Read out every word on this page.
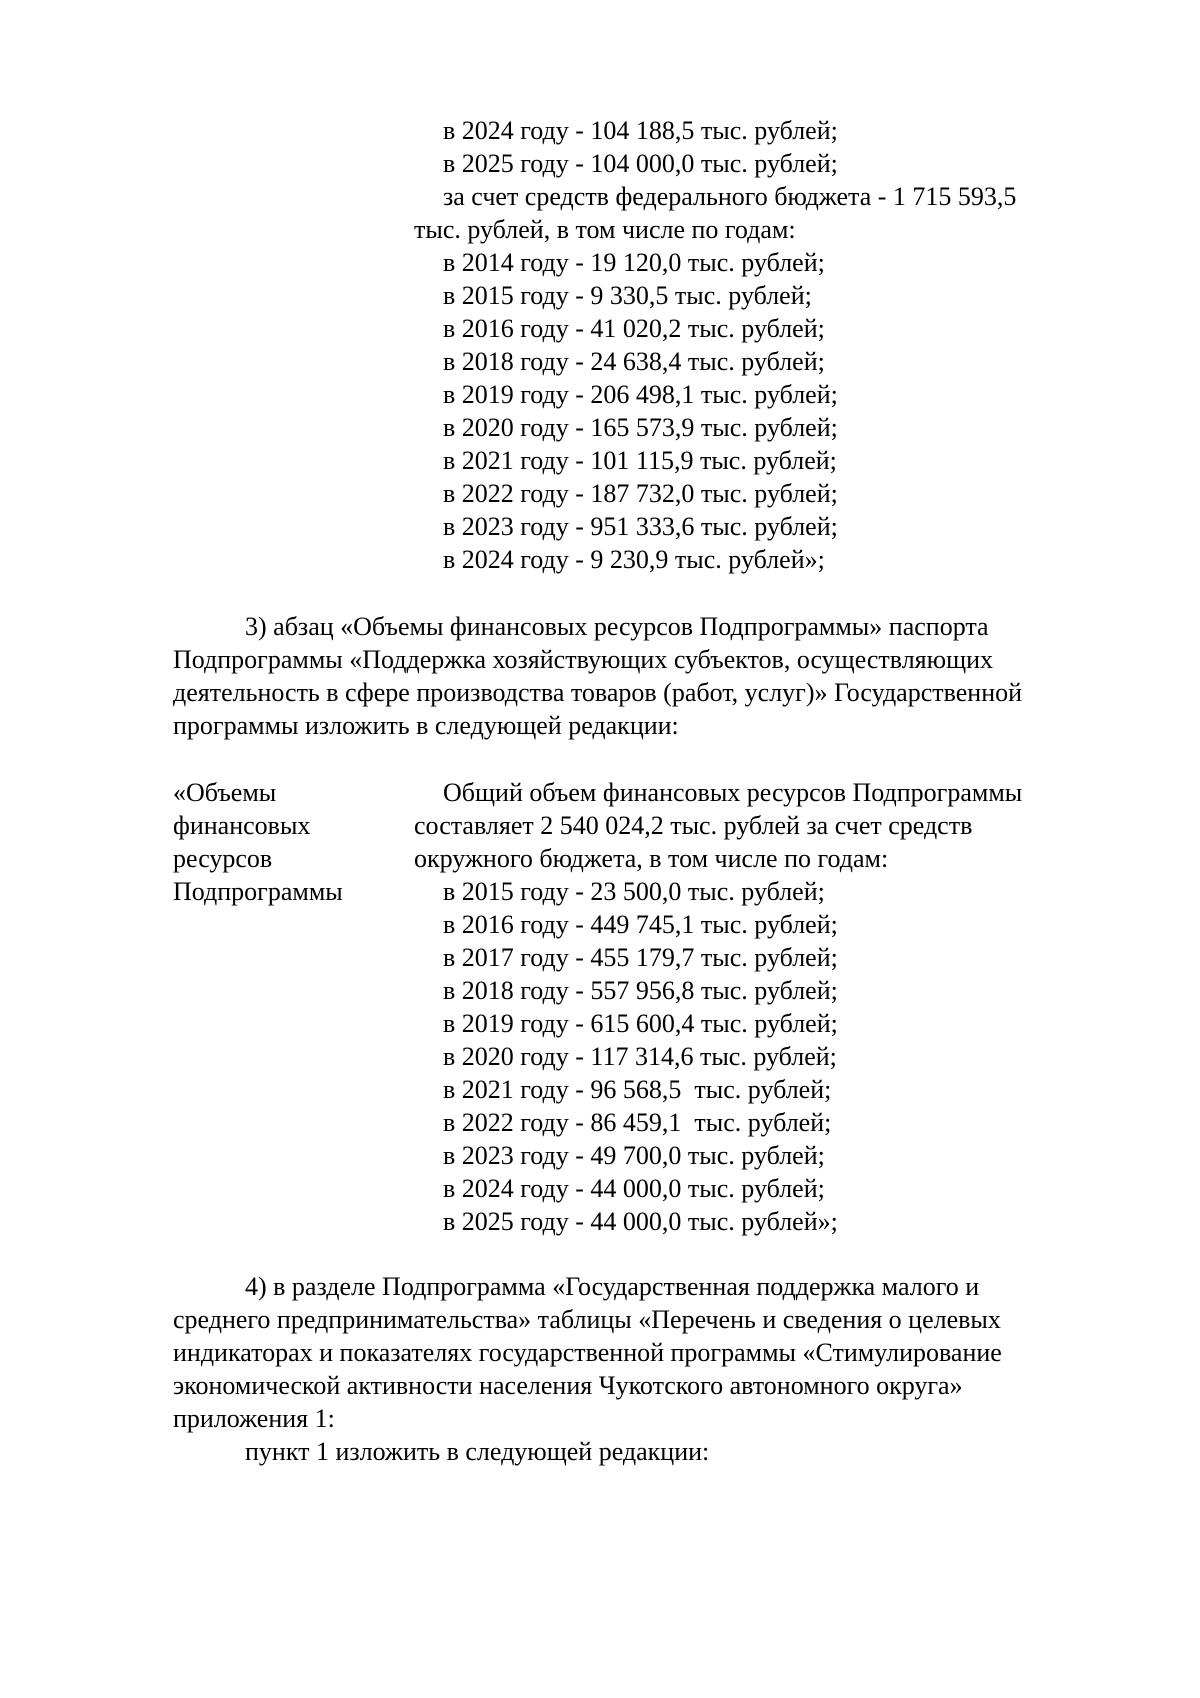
в 2024 году - 104 188,5 тыс. рублей;
в 2025 году - 104 000,0 тыс. рублей;
за счет средств федерального бюджета - 1 715 593,5
тыс. рублей, в том числе по годам:
в 2014 году - 19 120,0 тыс. рублей;
в 2015 году - 9 330,5 тыс. рублей;
в 2016 году - 41 020,2 тыс. рублей;
в 2018 году - 24 638,4 тыс. рублей;
в 2019 году - 206 498,1 тыс. рублей;
в 2020 году - 165 573,9 тыс. рублей;
в 2021 году - 101 115,9 тыс. рублей;
в 2022 году - 187 732,0 тыс. рублей;
в 2023 году - 951 333,6 тыс. рублей;
в 2024 году - 9 230,9 тыс. рублей»;
3) абзац «Объемы финансовых ресурсов Подпрограммы» паспорта
Подпрограммы «Поддержка хозяйствующих субъектов, осуществляющих
деятельность в сфере производства товаров (работ, услуг)» Государственной
программы изложить в следующей редакции:
«Объемы
финансовых
ресурсов
Подпрограммы
Общий объем финансовых ресурсов Подпрограммы
составляет 2 540 024,2 тыс. рублей за счет средств
окружного бюджета, в том числе по годам:
в 2015 году - 23 500,0 тыс. рублей;
в 2016 году - 449 745,1 тыс. рублей;
в 2017 году - 455 179,7 тыс. рублей;
в 2018 году - 557 956,8 тыс. рублей;
в 2019 году - 615 600,4 тыс. рублей;
в 2020 году - 117 314,6 тыс. рублей;
в 2021 году - 96 568,5  тыс. рублей;
в 2022 году - 86 459,1  тыс. рублей;
в 2023 году - 49 700,0 тыс. рублей;
в 2024 году - 44 000,0 тыс. рублей;
в 2025 году - 44 000,0 тыс. рублей»;
4) в разделе Подпрограмма «Государственная поддержка малого и
среднего предпринимательства» таблицы «Перечень и сведения о целевых
индикаторах и показателях государственной программы «Стимулирование
экономической активности населения Чукотского автономного округа»
приложения 1:
пункт 1 изложить в следующей редакции:
